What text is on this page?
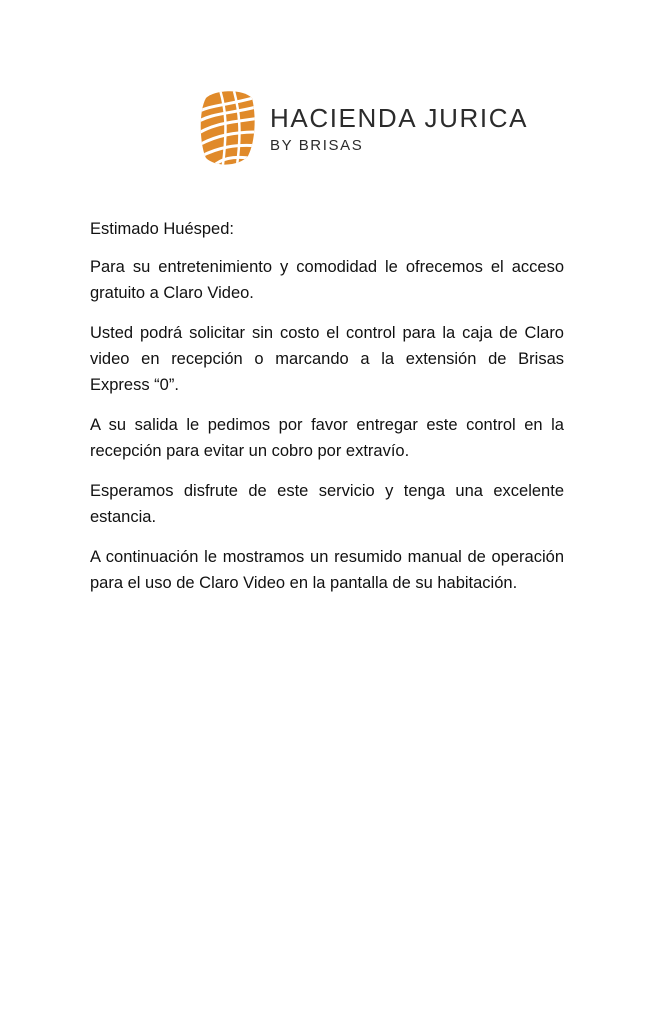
HACIENDA JURICA
BY BRISAS

Estimado Huésped:

Para su entretenimiento y comodidad le ofrecemos el acceso gratuito a Claro Video.

Usted podrá solicitar sin costo el control para la caja de Claro video en recepción o marcando a la extensión de Brisas Express “0”.

A su salida le pedimos por favor entregar este control en la recepción para evitar un cobro por extravío.

Esperamos disfrute de este servicio y tenga una excelente estancia.

A continuación le mostramos un resumido manual de operación para el uso de Claro Video en la pantalla de su habitación.
